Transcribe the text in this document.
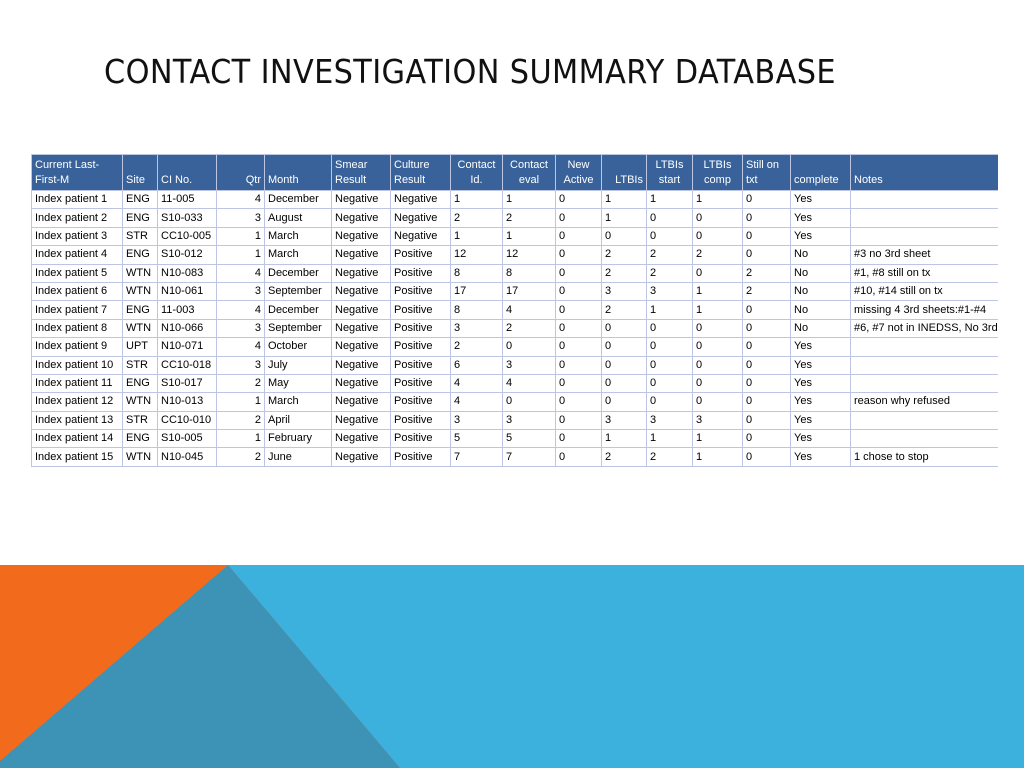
CONTACT INVESTIGATION SUMMARY DATABASE
Current Last-First-M	Site	CI No.	Qtr	Month	Smear Result	Culture Result	Contact Id.	Contact eval	New Active	LTBIs	LTBIs start	LTBIs comp	Still on txt	complete	Notes
Index patient 1	ENG	11-005	4	December	Negative	Negative	1	1	0	1	1	1	0	Yes	
Index patient 2	ENG	S10-033	3	August	Negative	Negative	2	2	0	1	0	0	0	Yes	
Index patient 3	STR	CC10-005	1	March	Negative	Negative	1	1	0	0	0	0	0	Yes	
Index patient 4	ENG	S10-012	1	March	Negative	Positive	12	12	0	2	2	2	0	No	#3 no 3rd sheet
Index patient 5	WTN	N10-083	4	December	Negative	Positive	8	8	0	2	2	0	2	No	#1, #8 still on tx
Index patient 6	WTN	N10-061	3	September	Negative	Positive	17	17	0	3	3	1	2	No	#10, #14 still on tx
Index patient 7	ENG	11-003	4	December	Negative	Positive	8	4	0	2	1	1	0	No	missing 4 3rd sheets:#1-#4
Index patient 8	WTN	N10-066	3	September	Negative	Positive	3	2	0	0	0	0	0	No	#6, #7 not in INEDSS, No 3rd
Index patient 9	UPT	N10-071	4	October	Negative	Positive	2	0	0	0	0	0	0	Yes	
Index patient 10	STR	CC10-018	3	July	Negative	Positive	6	3	0	0	0	0	0	Yes	
Index patient 11	ENG	S10-017	2	May	Negative	Positive	4	4	0	0	0	0	0	Yes	
Index patient 12	WTN	N10-013	1	March	Negative	Positive	4	0	0	0	0	0	0	Yes	reason why refused
Index patient 13	STR	CC10-010	2	April	Negative	Positive	3	3	0	3	3	3	0	Yes	
Index patient 14	ENG	S10-005	1	February	Negative	Positive	5	5	0	1	1	1	0	Yes	
Index patient 15	WTN	N10-045	2	June	Negative	Positive	7	7	0	2	2	1	0	Yes	1 chose to stop
